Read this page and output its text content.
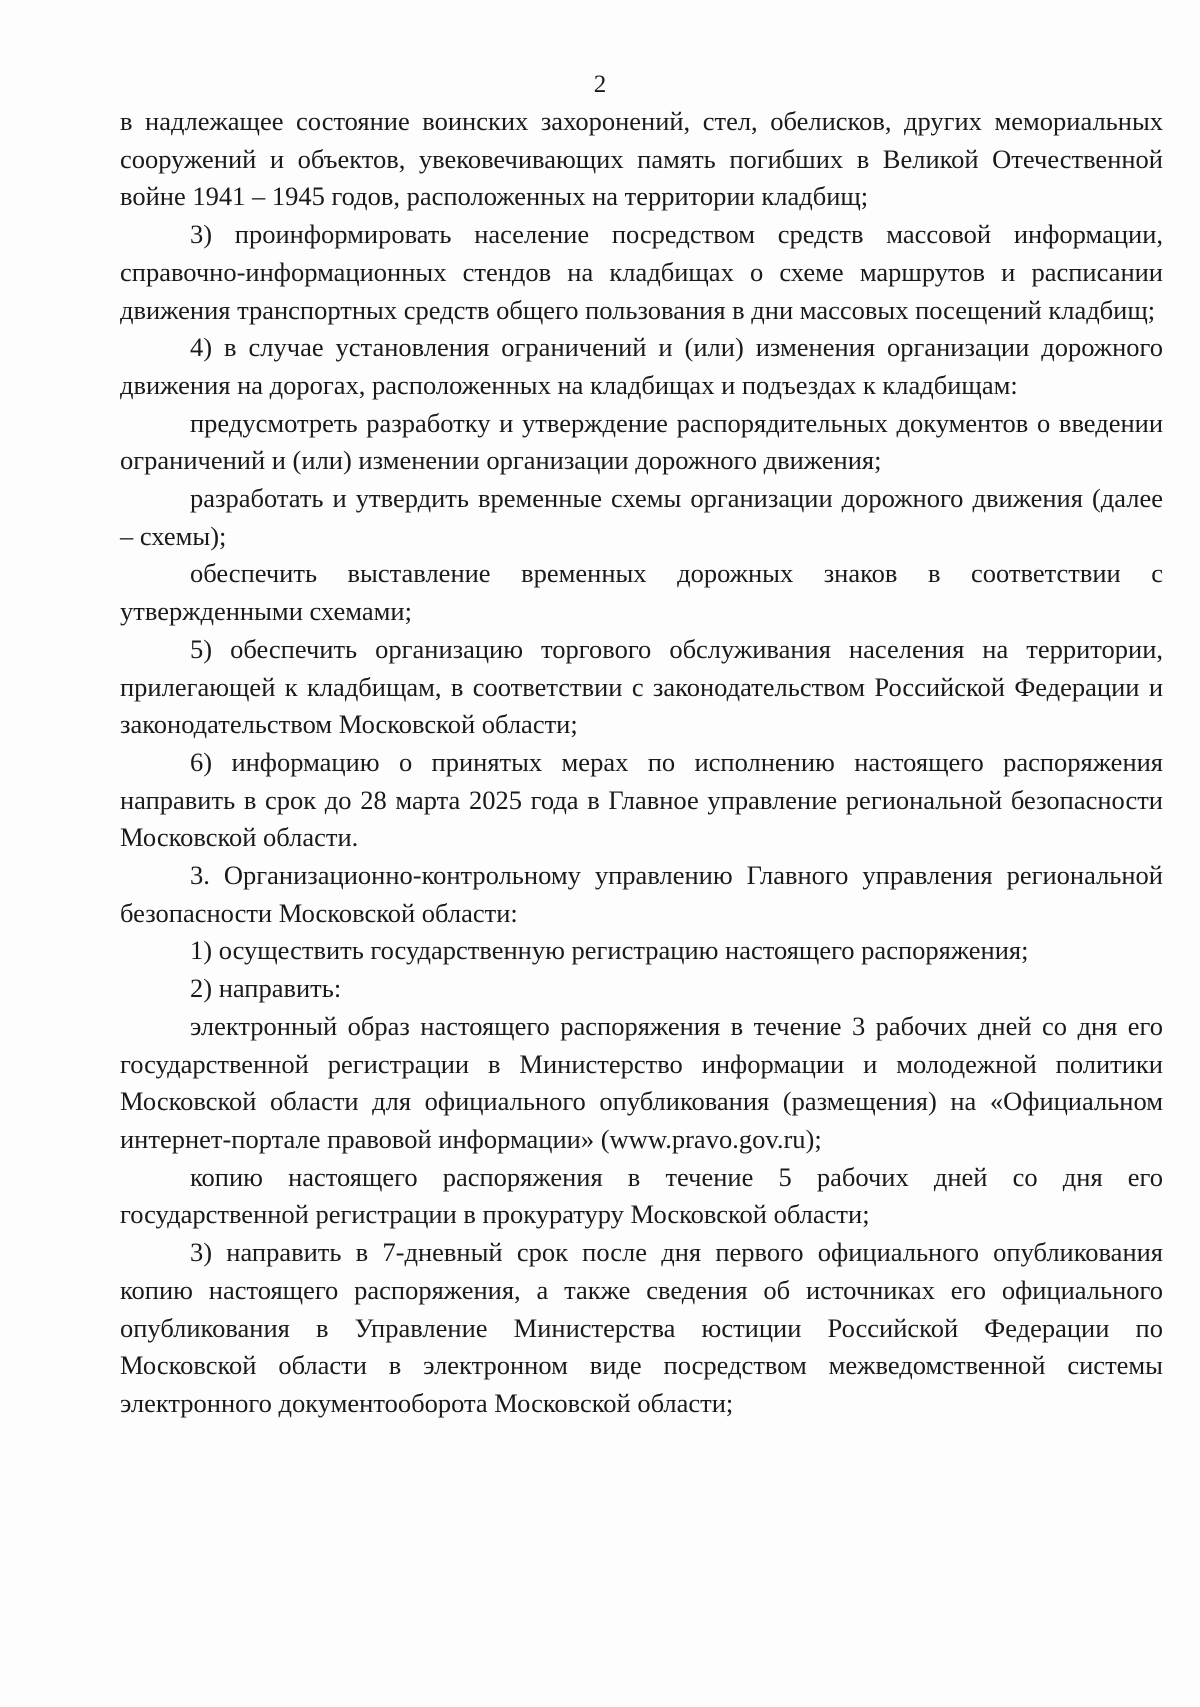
2

в надлежащее состояние воинских захоронений, стел, обелисков, других мемориальных сооружений и объектов, увековечивающих память погибших в Великой Отечественной войне 1941 – 1945 годов, расположенных на территории кладбищ;

3) проинформировать население посредством средств массовой информации, справочно-информационных стендов на кладбищах о схеме маршрутов и расписании движения транспортных средств общего пользования в дни массовых посещений кладбищ;

4) в случае установления ограничений и (или) изменения организации дорожного движения на дорогах, расположенных на кладбищах и подъездах к кладбищам:

предусмотреть разработку и утверждение распорядительных документов о введении ограничений и (или) изменении организации дорожного движения;

разработать и утвердить временные схемы организации дорожного движения (далее – схемы);

обеспечить выставление временных дорожных знаков в соответствии с утвержденными схемами;

5) обеспечить организацию торгового обслуживания населения на территории, прилегающей к кладбищам, в соответствии с законодательством Российской Федерации и законодательством Московской области;

6) информацию о принятых мерах по исполнению настоящего распоряжения направить в срок до 28 марта 2025 года в Главное управление региональной безопасности Московской области.

3. Организационно-контрольному управлению Главного управления региональной безопасности Московской области:

1) осуществить государственную регистрацию настоящего распоряжения;

2) направить:

электронный образ настоящего распоряжения в течение 3 рабочих дней со дня его государственной регистрации в Министерство информации и молодежной политики Московской области для официального опубликования (размещения) на «Официальном интернет-портале правовой информации» (www.pravo.gov.ru);

копию настоящего распоряжения в течение 5 рабочих дней со дня его государственной регистрации в прокуратуру Московской области;

3) направить в 7-дневный срок после дня первого официального опубликования копию настоящего распоряжения, а также сведения об источниках его официального опубликования в Управление Министерства юстиции Российской Федерации по Московской области в электронном виде посредством межведомственной системы электронного документооборота Московской области;
